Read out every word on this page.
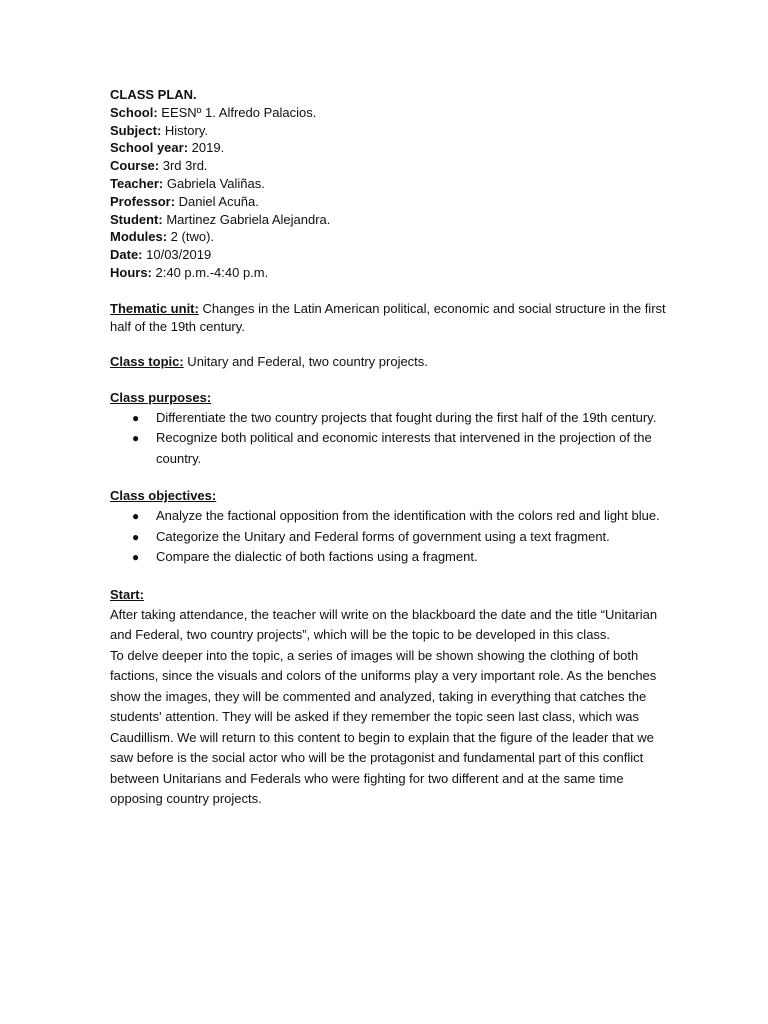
CLASS PLAN.
School: EESNº 1. Alfredo Palacios.
Subject: History.
School year: 2019.
Course: 3rd 3rd.
Teacher: Gabriela Valiñas.
Professor: Daniel Acuña.
Student: Martinez Gabriela Alejandra.
Modules: 2 (two).
Date: 10/03/2019
Hours: 2:40 p.m.-4:40 p.m.
Thematic unit: Changes in the Latin American political, economic and social structure in the first half of the 19th century.
Class topic: Unitary and Federal, two country projects.
Class purposes:
● Differentiate the two country projects that fought during the first half of the 19th century.
● Recognize both political and economic interests that intervened in the projection of the country.
Class objectives:
● Analyze the factional opposition from the identification with the colors red and light blue.
● Categorize the Unitary and Federal forms of government using a text fragment.
● Compare the dialectic of both factions using a fragment.
Start:

After taking attendance, the teacher will write on the blackboard the date and the title “Unitarian and Federal, two country projects”, which will be the topic to be developed in this class.

To delve deeper into the topic, a series of images will be shown showing the clothing of both factions, since the visuals and colors of the uniforms play a very important role. As the benches show the images, they will be commented and analyzed, taking in everything that catches the students' attention. They will be asked if they remember the topic seen last class, which was Caudillism. We will return to this content to begin to explain that the figure of the leader that we saw before is the social actor who will be the protagonist and fundamental part of this conflict between Unitarians and Federals who were fighting for two different and at the same time opposing country projects.
